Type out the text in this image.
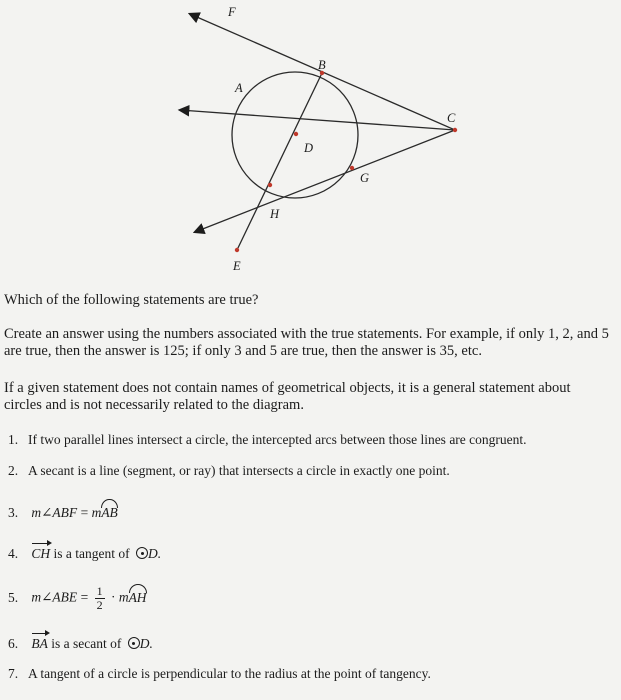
F
A
B
C
D
G
H
E
Which of the following statements are true?
Create an answer using the numbers associated with the true statements. For example, if only 1, 2, and 5 are true, then the answer is 125; if only 3 and 5 are true, then the answer is 35, etc.
If a given statement does not contain names of geometrical objects, it is a general statement about circles and is not necessarily related to the diagram.
1. If two parallel lines intersect a circle, the intercepted arcs between those lines are congruent.
2. A secant is a line (segment, or ray) that intersects a circle in exactly one point.
3. m∠ABF = mAB
4. CH is a tangent of D.
5. m∠ABE = $\frac{1}{2}$ · mAH
6. BA is a secant of D.
7. A tangent of a circle is perpendicular to the radius at the point of tangency.
